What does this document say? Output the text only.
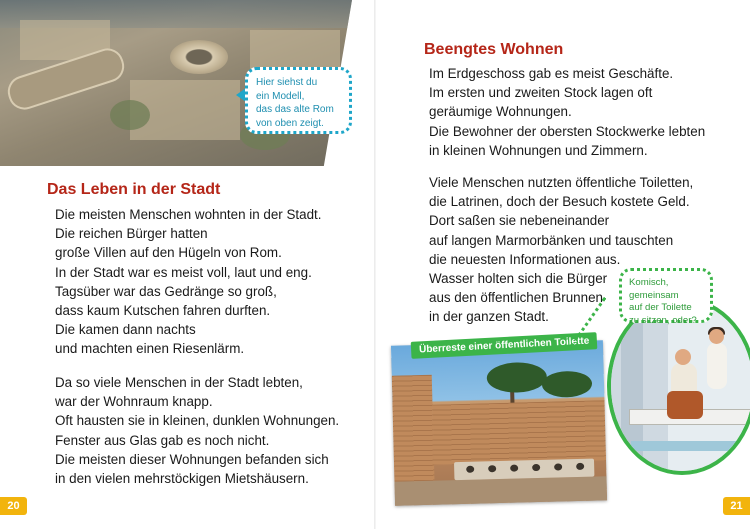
Hier siehst du
ein Modell,
das das alte Rom
von oben zeigt.
Das Leben in der Stadt
Die meisten Menschen wohnten in der Stadt.
Die reichen Bürger hatten
große Villen auf den Hügeln von Rom.
In der Stadt war es meist voll, laut und eng.
Tagsüber war das Gedränge so groß,
dass kaum Kutschen fahren durften.
Die kamen dann nachts
und machten einen Riesenlärm.
Da so viele Menschen in der Stadt lebten,
war der Wohnraum knapp.
Oft hausten sie in kleinen, dunklen Wohnungen.
Fenster aus Glas gab es noch nicht.
Die meisten dieser Wohnungen befanden sich
in den vielen mehrstöckigen Mietshäusern.
20
Beengtes Wohnen
Im Erdgeschoss gab es meist Geschäfte.
Im ersten und zweiten Stock lagen oft
geräumige Wohnungen.
Die Bewohner der obersten Stockwerke lebten
in kleinen Wohnungen und Zimmern.
Viele Menschen nutzten öffentliche Toiletten,
die Latrinen, doch der Besuch kostete Geld.
Dort saßen sie nebeneinander
auf langen Marmorbänken und tauschten
die neuesten Informationen aus.
Wasser holten sich die Bürger
aus den öffentlichen Brunnen
in der ganzen Stadt.
Überreste einer öffentlichen Toilette
Komisch, gemeinsam
auf der Toilette
zu sitzen, oder?
21
